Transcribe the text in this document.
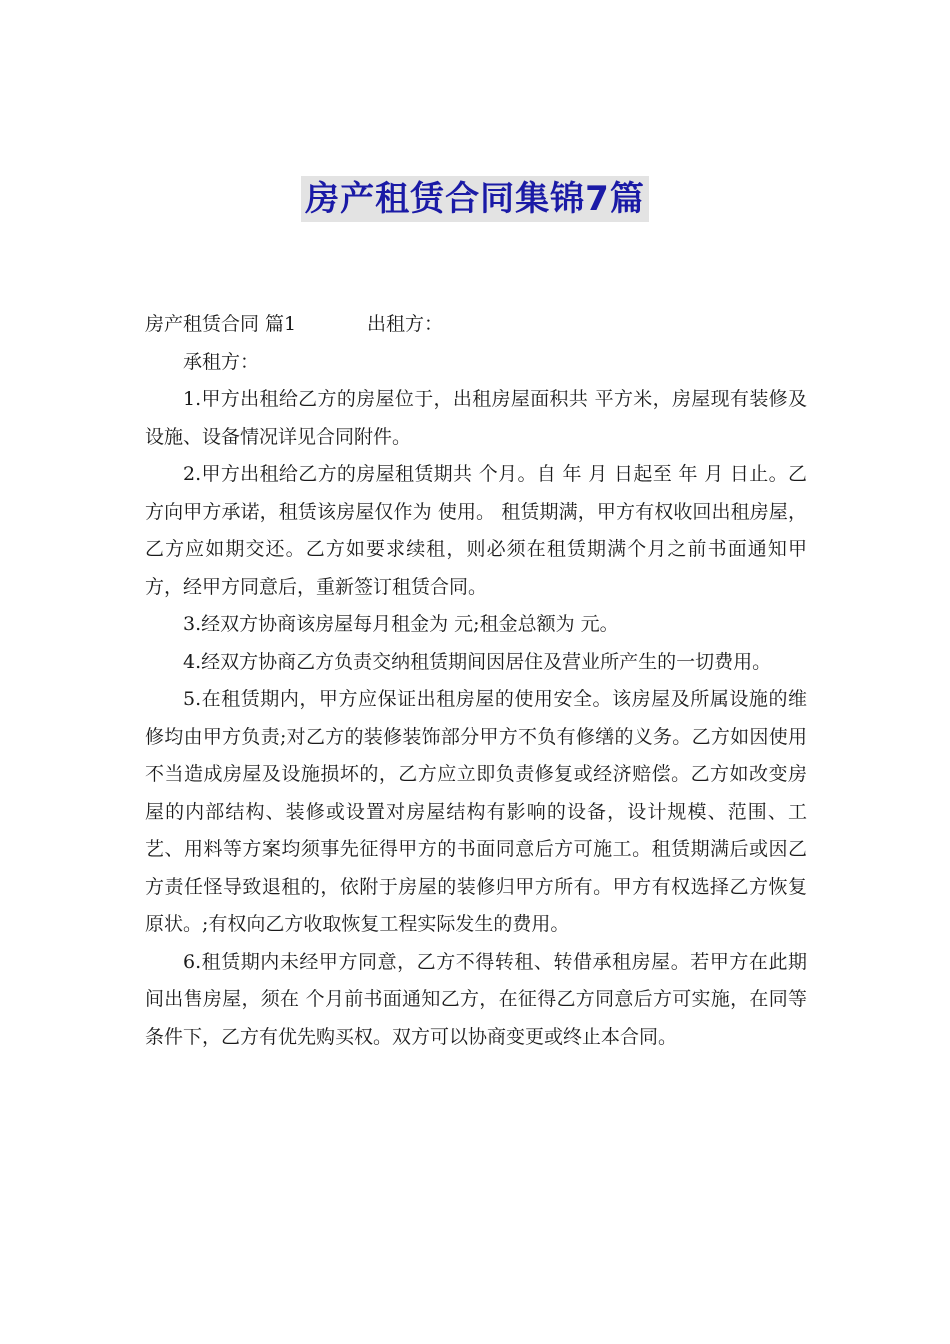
房产租赁合同集锦7篇

房产租赁合同 篇1	出租方：

承租方：

1.甲方出租给乙方的房屋位于，出租房屋面积共 平方米，房屋现有装修及设施、设备情况详见合同附件。

2.甲方出租给乙方的房屋租赁期共 个月。自 年 月 日起至 年 月 日止。乙方向甲方承诺，租赁该房屋仅作为 使用。 租赁期满，甲方有权收回出租房屋，乙方应如期交还。乙方如要求续租，则必须在租赁期满个月之前书面通知甲方，经甲方同意后，重新签订租赁合同。

3.经双方协商该房屋每月租金为 元;租金总额为 元。

4.经双方协商乙方负责交纳租赁期间因居住及营业所产生的一切费用。

5.在租赁期内，甲方应保证出租房屋的使用安全。该房屋及所属设施的维修均由甲方负责;对乙方的装修装饰部分甲方不负有修缮的义务。乙方如因使用不当造成房屋及设施损坏的，乙方应立即负责修复或经济赔偿。乙方如改变房屋的内部结构、装修或设置对房屋结构有影响的设备，设计规模、范围、工艺、用料等方案均须事先征得甲方的书面同意后方可施工。租赁期满后或因乙方责任怪导致退租的，依附于房屋的装修归甲方所有。甲方有权选择乙方恢复原状。;有权向乙方收取恢复工程实际发生的费用。

6.租赁期内未经甲方同意，乙方不得转租、转借承租房屋。若甲方在此期间出售房屋，须在 个月前书面通知乙方，在征得乙方同意后方可实施，在同等条件下，乙方有优先购买权。双方可以协商变更或终止本合同。
